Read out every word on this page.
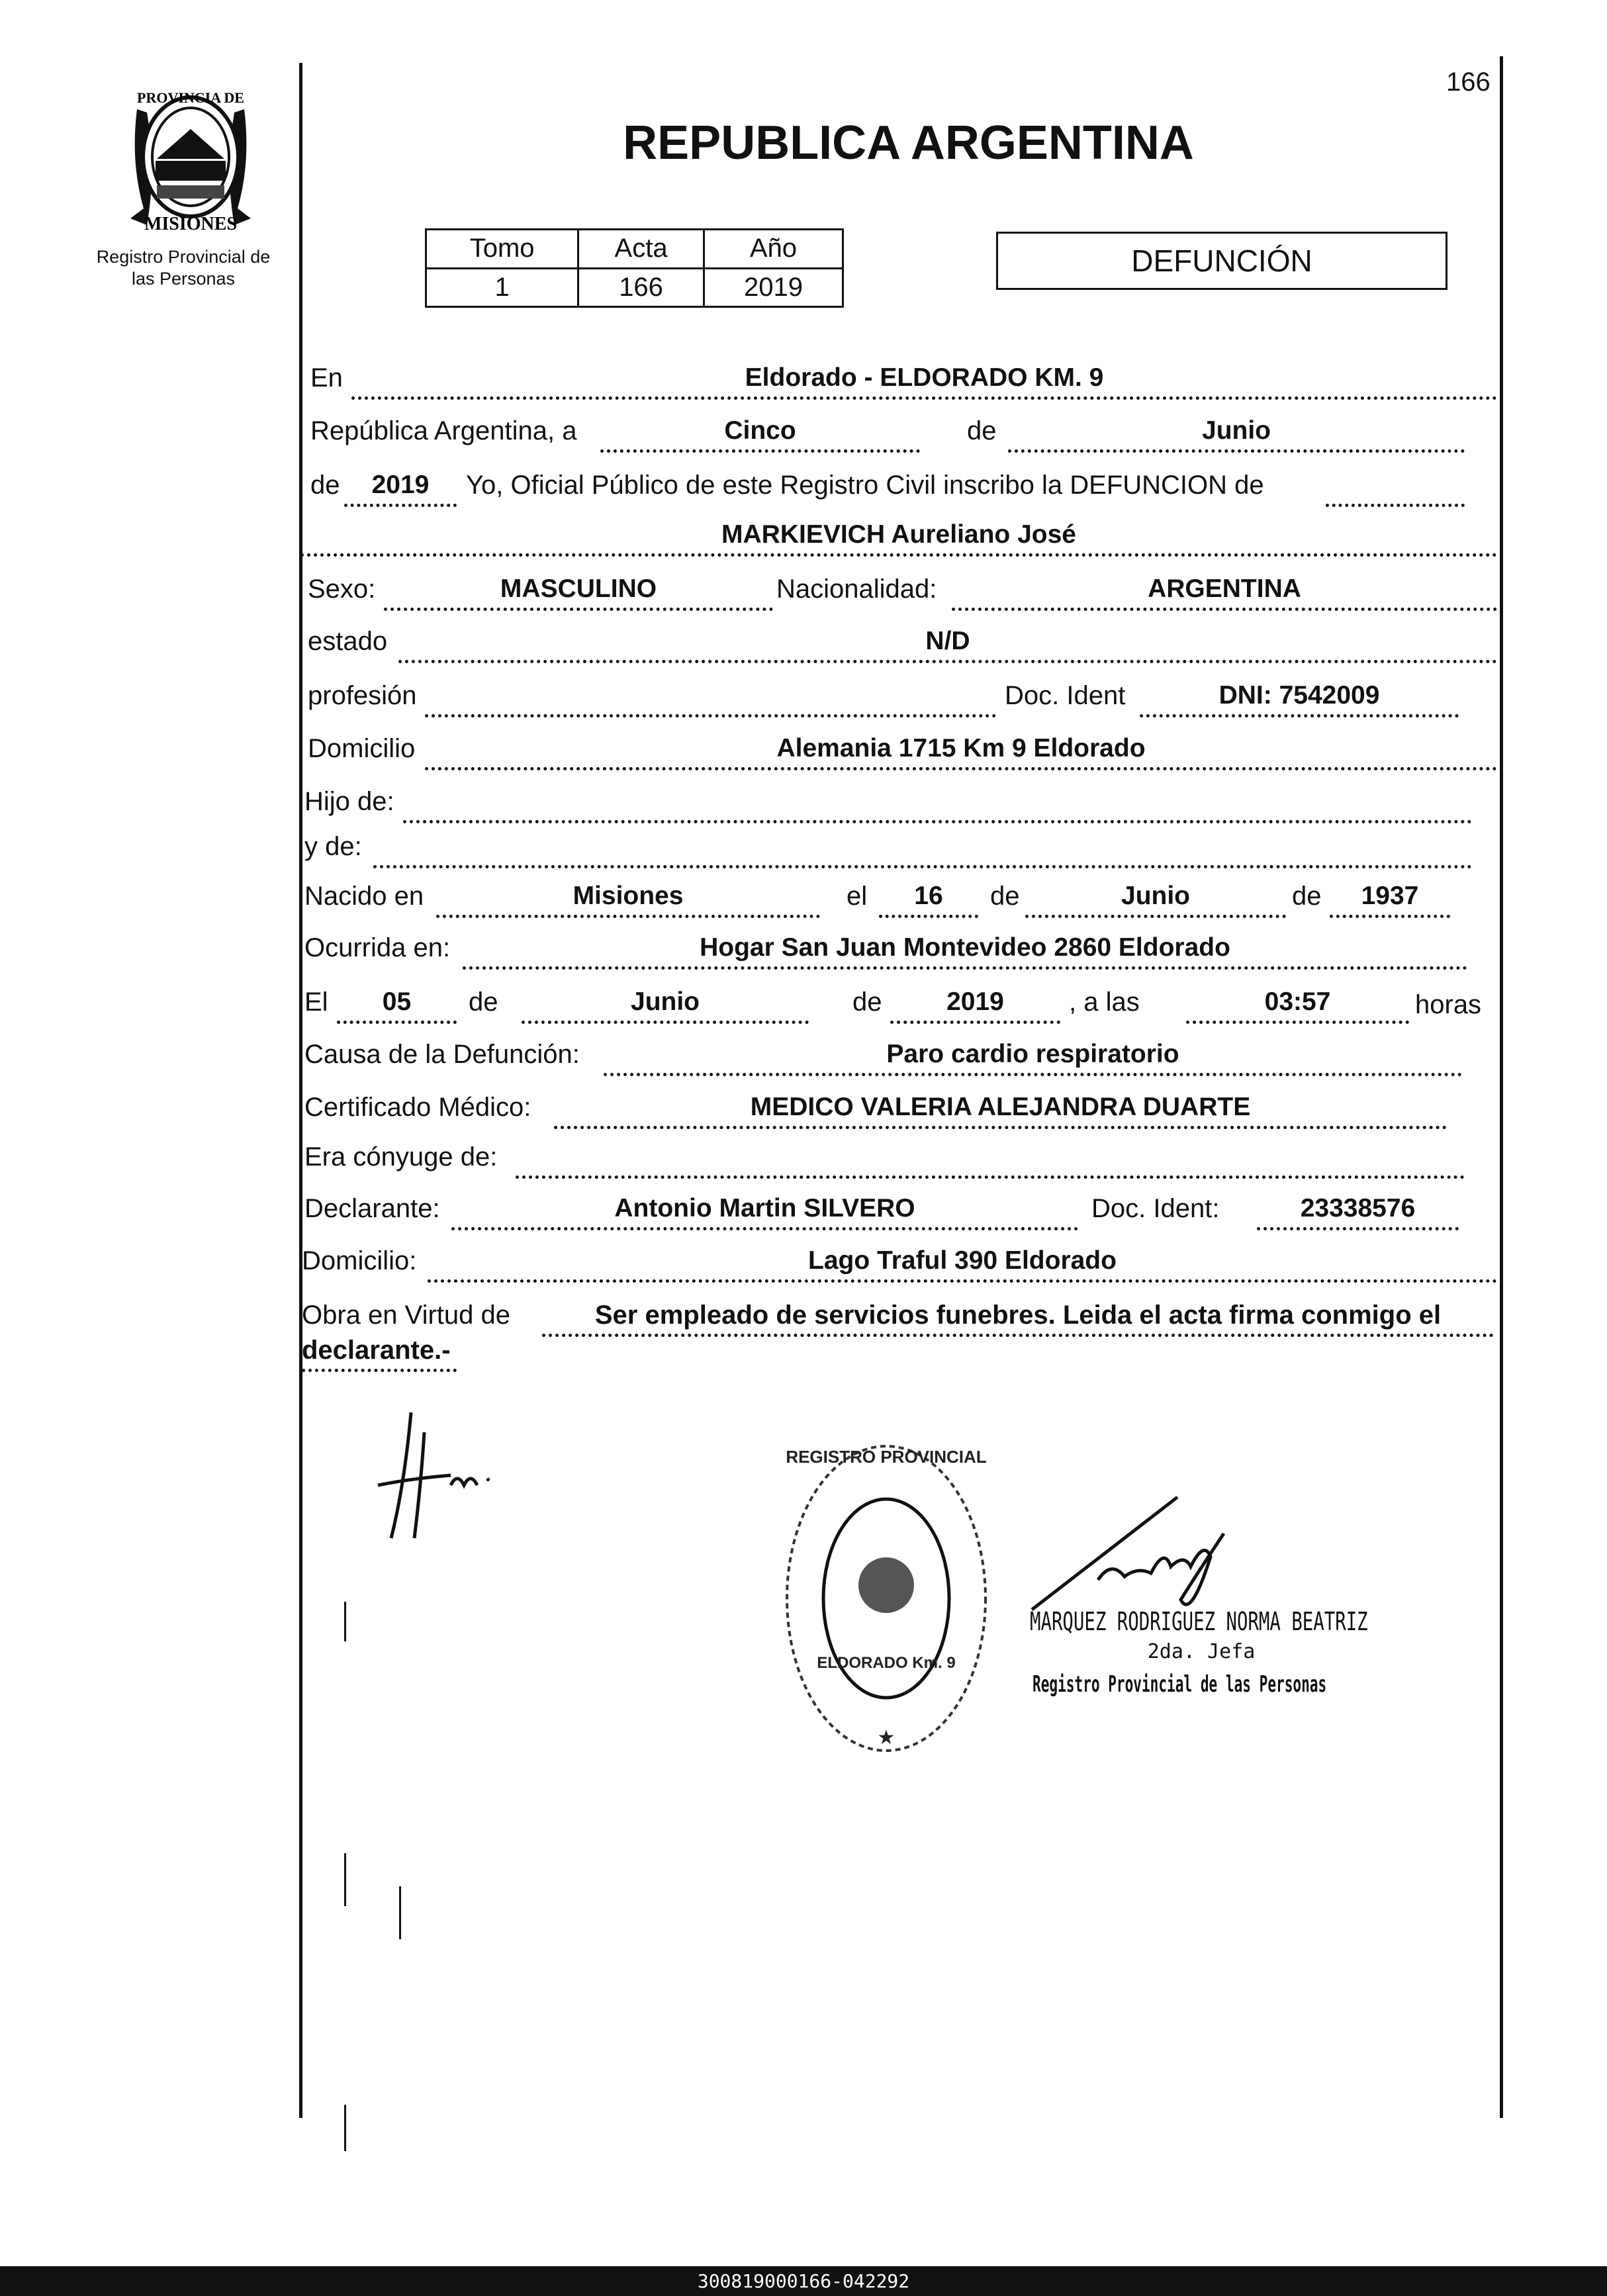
166
PROVINCIA DE
MISIONES
Registro Provincial de
las Personas
REPUBLICA ARGENTINA
Tomo	Acta	Año
1	166	2019
DEFUNCIÓN
En	Eldorado - ELDORADO KM. 9
República Argentina, a	Cinco	de	Junio
de	2019	Yo, Oficial Público de este Registro Civil inscribo la DEFUNCION de
MARKIEVICH Aureliano José
Sexo:	MASCULINO	Nacionalidad:	ARGENTINA
estado	N/D
profesión	Doc. Ident	DNI: 7542009
Domicilio	Alemania 1715 Km 9 Eldorado
Hijo de:
y de:
Nacido en	Misiones	el	16	de	Junio	de	1937
Ocurrida en:	Hogar San Juan Montevideo 2860 Eldorado
El	05	de	Junio	de	2019	, a las	03:57	horas
Causa de la Defunción:	Paro cardio respiratorio
Certificado Médico:	MEDICO VALERIA ALEJANDRA DUARTE
Era cónyuge de:
Declarante:	Antonio Martin SILVERO	Doc. Ident:	23338576
Domicilio:	Lago Traful 390 Eldorado
Obra en Virtud de	Ser empleado de servicios funebres. Leida el acta firma conmigo el
declarante.-
REGISTRO PROVINCIAL
ELDORADO Km. 9
★
MARQUEZ RODRIGUEZ NORMA BEATRIZ
2da. Jefa
Registro Provincial de las Personas
300819000166-042292
